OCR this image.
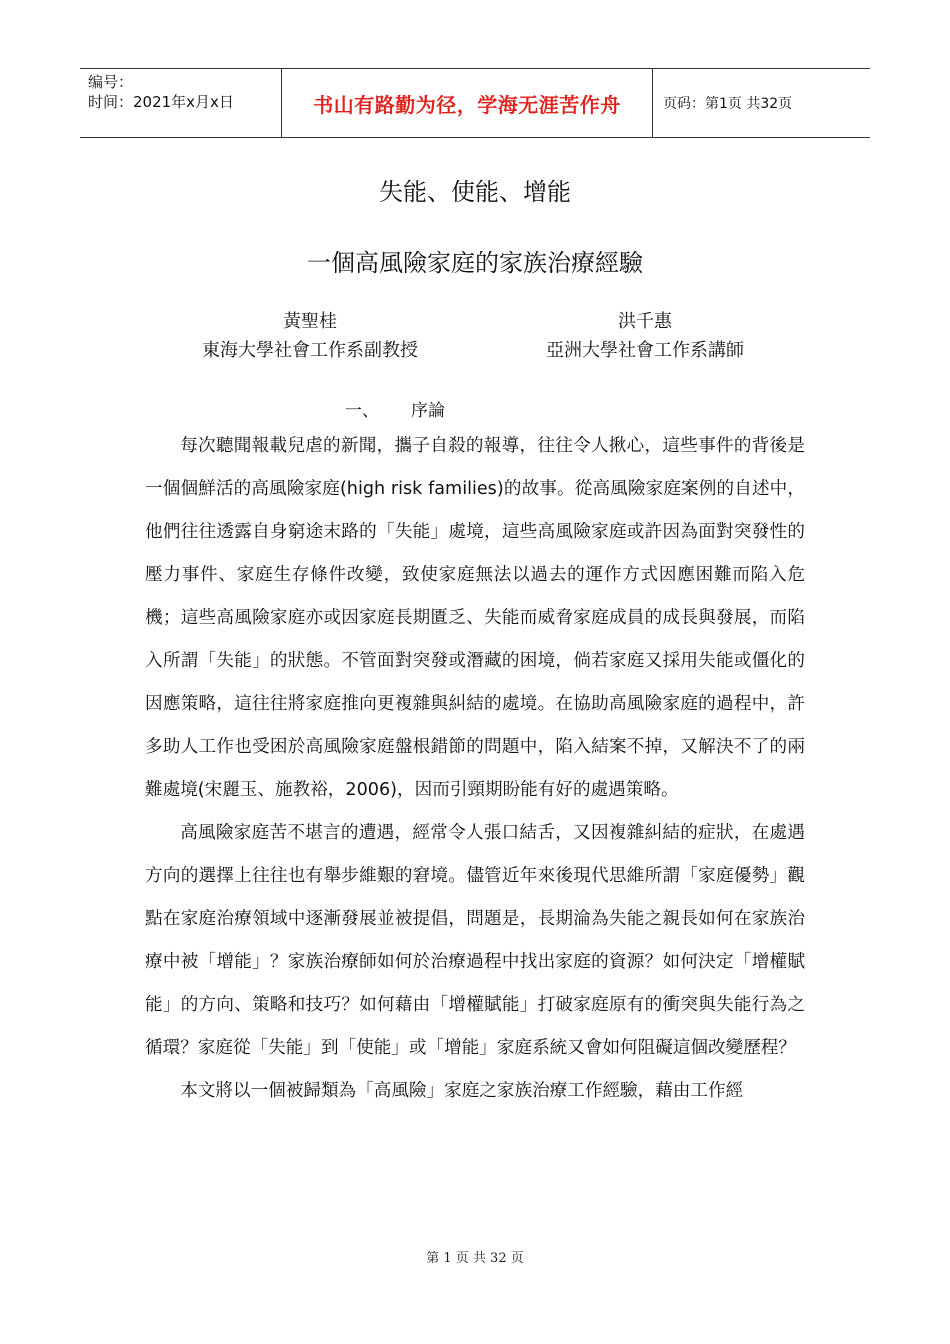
编号：
时间：2021年x月x日	书山有路勤为径，学海无涯苦作舟	页码：第1页 共32页
失能、使能、增能
一個高風險家庭的家族治療經驗
黃聖桂
東海大學社會工作系副教授
洪千惠
亞洲大學社會工作系講師
一、 序論

每次聽聞報載兒虐的新聞，攜子自殺的報導，往往令人揪心，這些事件的背後是一個個鮮活的高風險家庭(high risk families)的故事。從高風險家庭案例的自述中，他們往往透露自身窮途末路的「失能」處境，這些高風險家庭或許因為面對突發性的壓力事件、家庭生存條件改變，致使家庭無法以過去的運作方式因應困難而陷入危機；這些高風險家庭亦或因家庭長期匱乏、失能而威脅家庭成員的成長與發展，而陷入所謂「失能」的狀態。不管面對突發或潛藏的困境，倘若家庭又採用失能或僵化的因應策略，這往往將家庭推向更複雜與糾結的處境。在協助高風險家庭的過程中，許多助人工作也受困於高風險家庭盤根錯節的問題中，陷入結案不掉，又解決不了的兩難處境(宋麗玉、施教裕，2006)，因而引頸期盼能有好的處遇策略。

高風險家庭苦不堪言的遭遇，經常令人張口結舌，又因複雜糾結的症狀，在處遇方向的選擇上往往也有舉步維艱的窘境。儘管近年來後現代思維所謂「家庭優勢」觀點在家庭治療領域中逐漸發展並被提倡，問題是，長期淪為失能之親長如何在家族治療中被「增能」？家族治療師如何於治療過程中找出家庭的資源？如何決定「增權賦能」的方向、策略和技巧？如何藉由「增權賦能」打破家庭原有的衝突與失能行為之循環？家庭從「失能」到「使能」或「增能」家庭系統又會如何阻礙這個改變歷程？

本文將以一個被歸類為「高風險」家庭之家族治療工作經驗，藉由工作經

第 1 页 共 32 页
